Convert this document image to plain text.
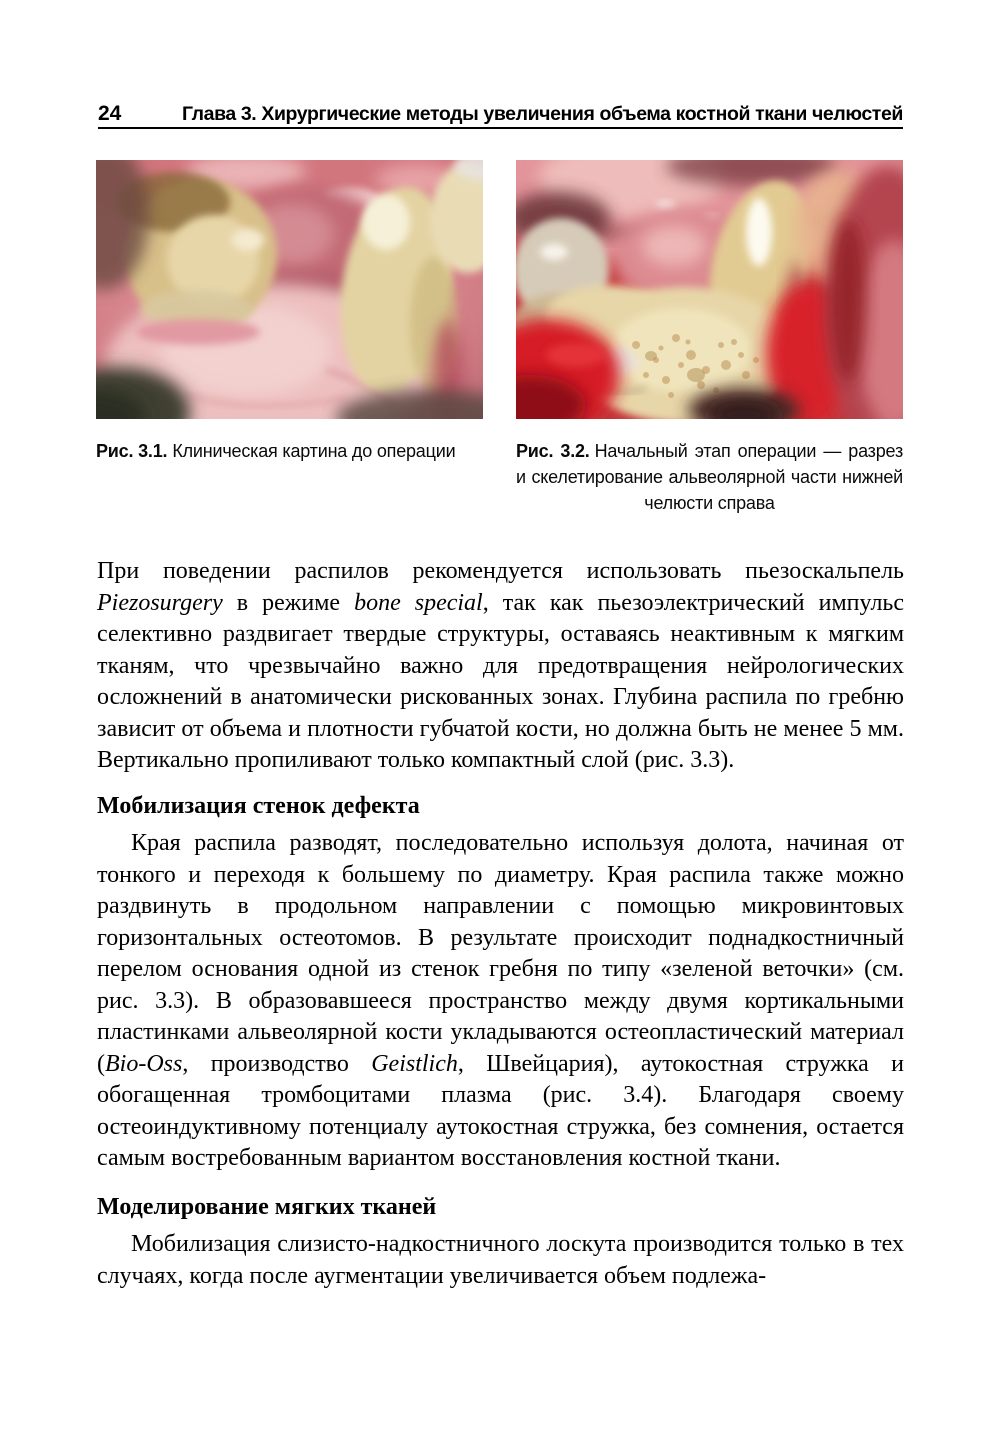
24	Глава 3. Хирургические методы увеличения объема костной ткани челюстей
Рис. 3.1. Клиническая картина до операции	Рис. 3.2. Начальный этап операции — разрез и скелетирование альвеолярной части нижней челюсти справа

При поведении распилов рекомендуется использовать пьезоскальпель Piezosurgery в режиме bone special, так как пьезоэлектрический импульс селективно раздвигает твердые структуры, оставаясь неактивным к мягким тканям, что чрезвычайно важно для предотвращения нейрологических осложнений в анатомически рискованных зонах. Глубина распила по гребню зависит от объема и плотности губчатой кости, но должна быть не менее 5 мм. Вертикально пропиливают только компактный слой (рис. 3.3).

Мобилизация стенок дефекта

Края распила разводят, последовательно используя долота, начиная от тонкого и переходя к большему по диаметру. Края распила также можно раздвинуть в продольном направлении с помощью микровинтовых горизонтальных остеотомов. В результате происходит поднадкостничный перелом основания одной из стенок гребня по типу «зеленой веточки» (см. рис. 3.3). В образовавшееся пространство между двумя кортикальными пластинками альвеолярной кости укладываются остеопластический материал (Bio-Oss, производство Geistlich, Швейцария), аутокостная стружка и обогащенная тромбоцитами плазма (рис. 3.4). Благодаря своему остеоиндуктивному потенциалу аутокостная стружка, без сомнения, остается самым востребованным вариантом восстановления костной ткани.

Моделирование мягких тканей

Мобилизация слизисто-надкостничного лоскута производится только в тех случаях, когда после аугментации увеличивается объем подлежа-
